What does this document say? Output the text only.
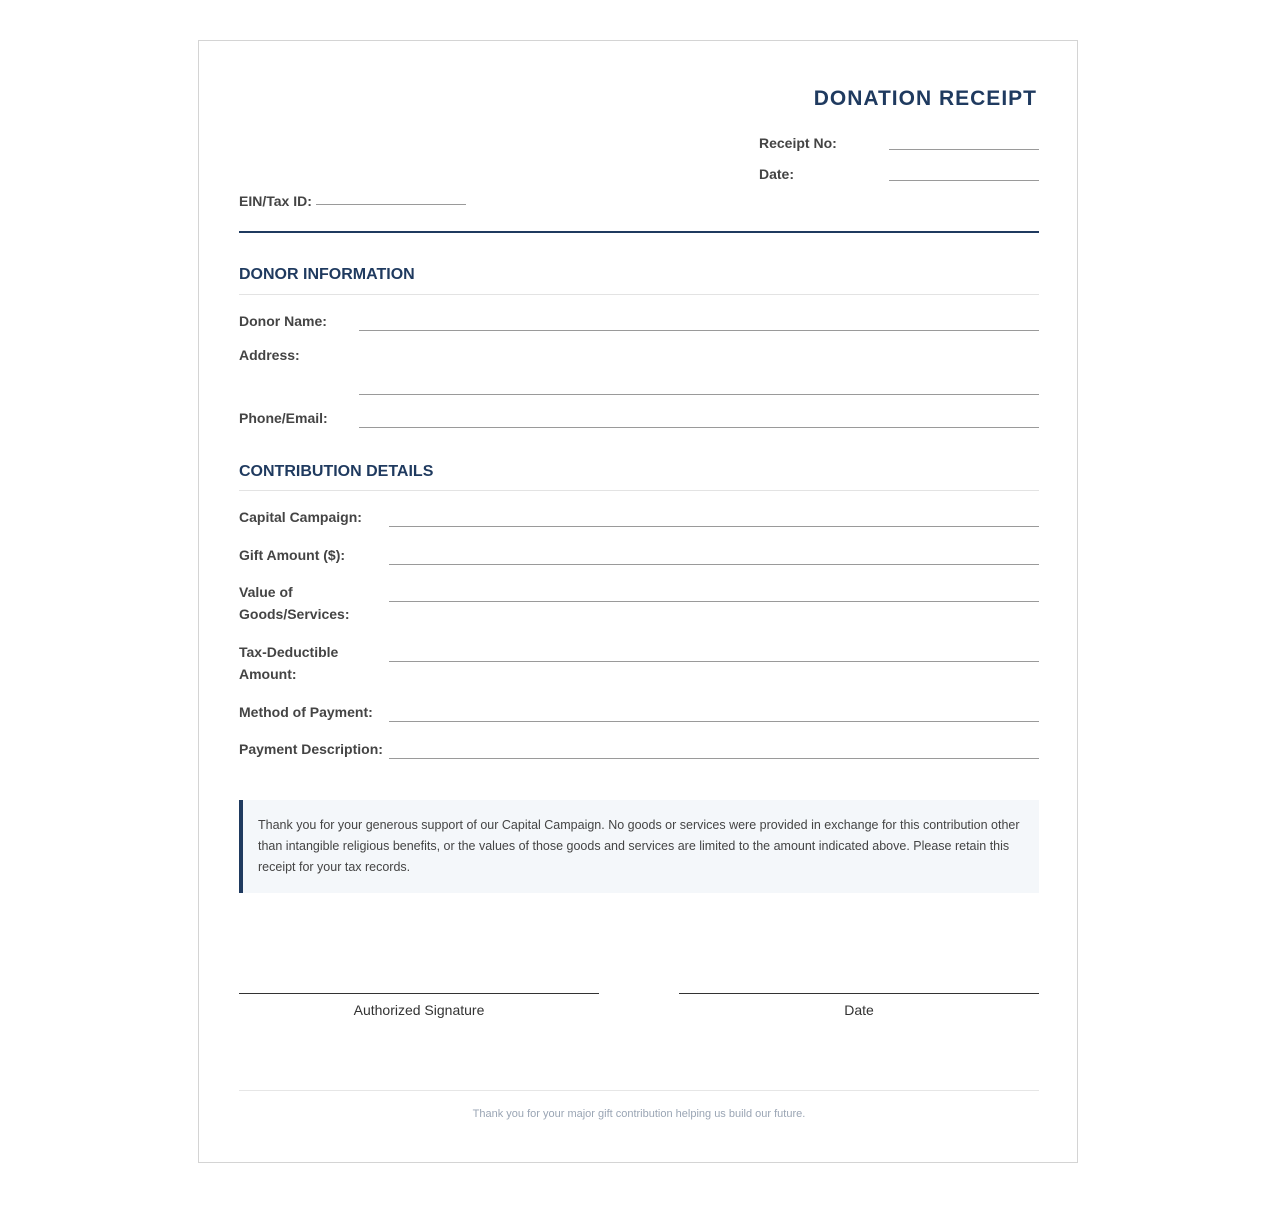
DONATION RECEIPT
Receipt No:
Date:
EIN/Tax ID:
DONOR INFORMATION
Donor Name:
Address:
Phone/Email:
CONTRIBUTION DETAILS
Capital Campaign:
Gift Amount ($):
Value of Goods/Services:
Tax-Deductible Amount:
Method of Payment:
Payment Description:
Thank you for your generous support of our Capital Campaign. No goods or services were provided in exchange for this contribution other than intangible religious benefits, or the values of those goods and services are limited to the amount indicated above. Please retain this receipt for your tax records.
Authorized Signature	Date
Thank you for your major gift contribution helping us build our future.
